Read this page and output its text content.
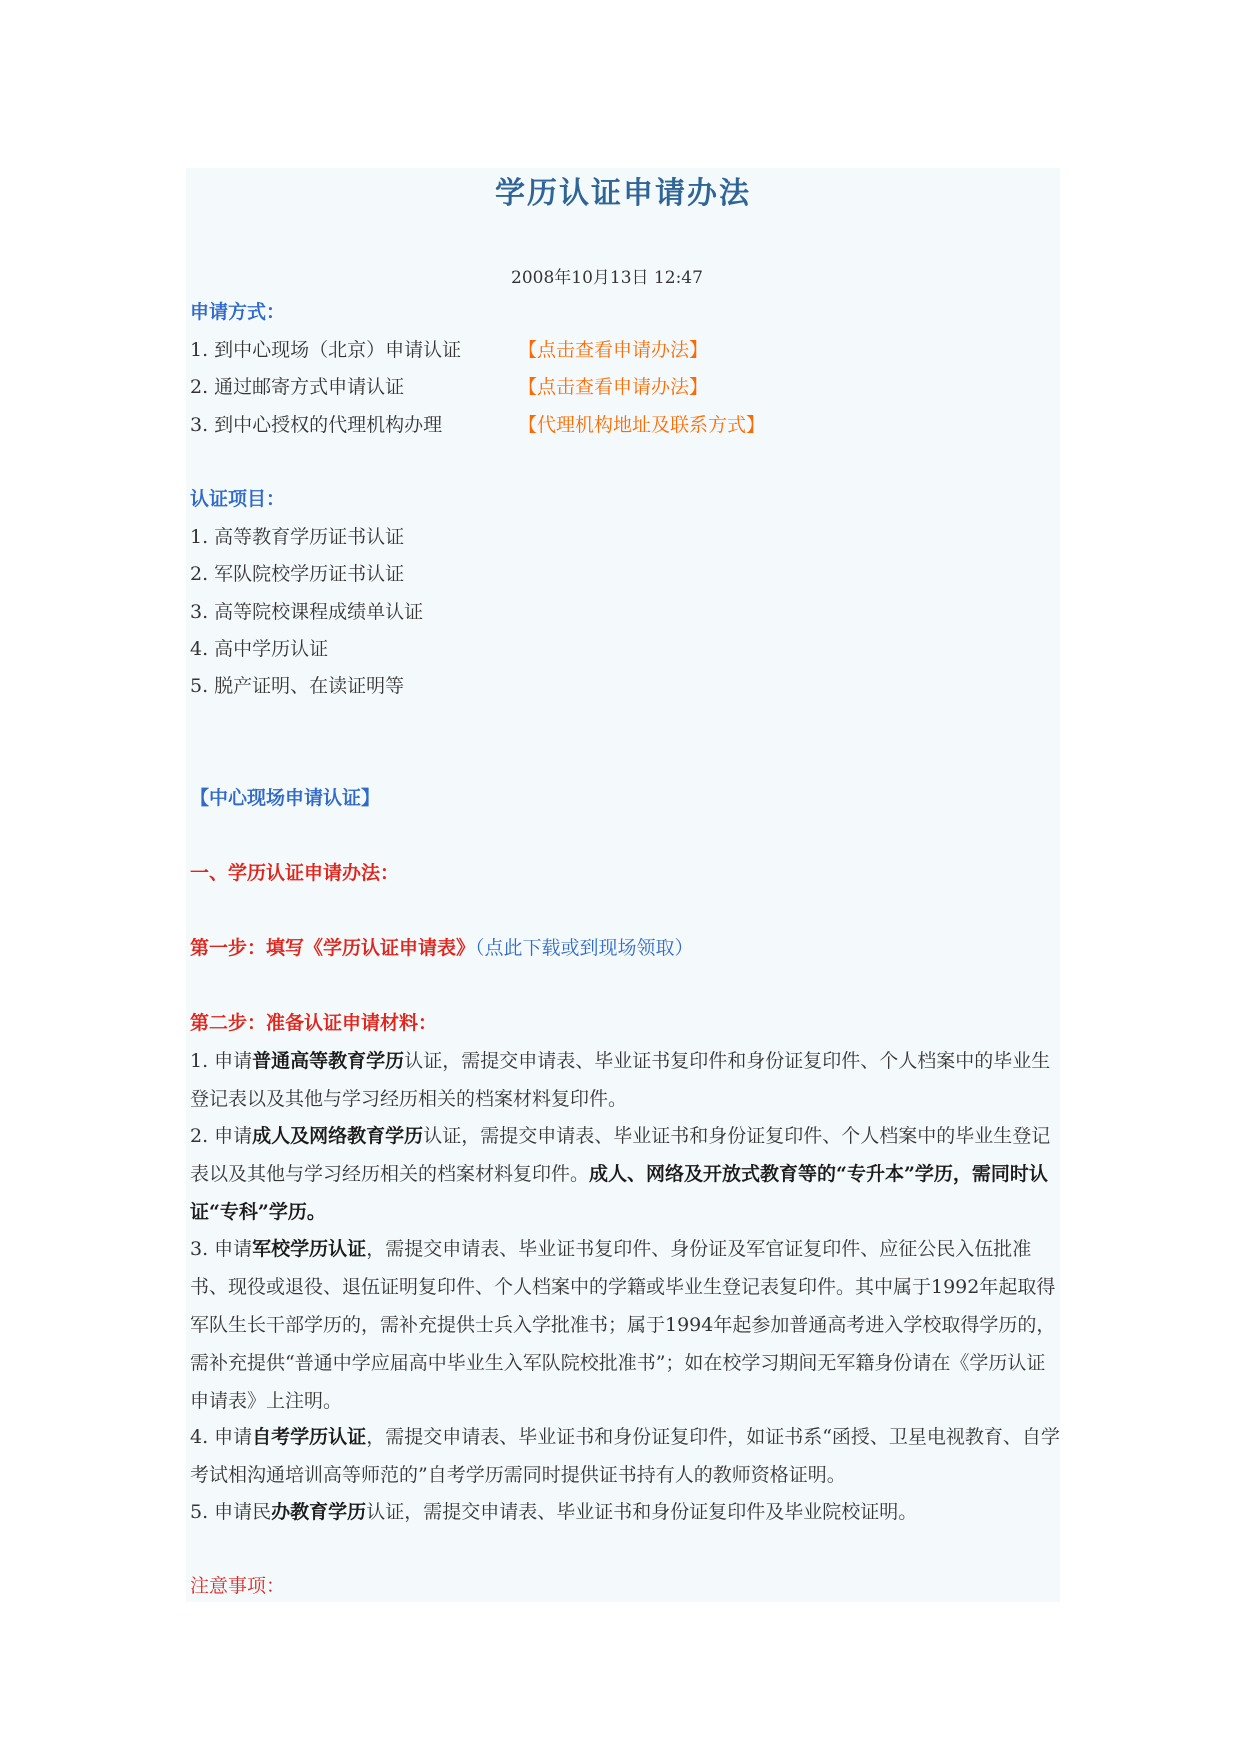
学历认证申请办法
2008年10月13日 12:47
申请方式：
1. 到中心现场（北京）申请认证	【点击查看申请办法】
2. 通过邮寄方式申请认证	【点击查看申请办法】
3. 到中心授权的代理机构办理	【代理机构地址及联系方式】
认证项目：
1. 高等教育学历证书认证
2. 军队院校学历证书认证
3. 高等院校课程成绩单认证
4. 高中学历认证
5. 脱产证明、在读证明等
【中心现场申请认证】
一、学历认证申请办法：
第一步：填写《学历认证申请表》（点此下载或到现场领取）
第二步：准备认证申请材料：
1. 申请普通高等教育学历认证，需提交申请表、毕业证书复印件和身份证复印件、个人档案中的毕业生登记表以及其他与学习经历相关的档案材料复印件。
2. 申请成人及网络教育学历认证，需提交申请表、毕业证书和身份证复印件、个人档案中的毕业生登记表以及其他与学习经历相关的档案材料复印件。成人、网络及开放式教育等的“专升本”学历，需同时认证“专科”学历。
3. 申请军校学历认证，需提交申请表、毕业证书复印件、身份证及军官证复印件、应征公民入伍批准书、现役或退役、退伍证明复印件、个人档案中的学籍或毕业生登记表复印件。其中属于1992年起取得军队生长干部学历的，需补充提供士兵入学批准书；属于1994年起参加普通高考进入学校取得学历的，需补充提供“普通中学应届高中毕业生入军队院校批准书”；如在校学习期间无军籍身份请在《学历认证申请表》上注明。
4. 申请自考学历认证，需提交申请表、毕业证书和身份证复印件，如证书系“函授、卫星电视教育、自学考试相沟通培训高等师范的”自考学历需同时提供证书持有人的教师资格证明。
5. 申请民办教育学历认证，需提交申请表、毕业证书和身份证复印件及毕业院校证明。
注意事项：
